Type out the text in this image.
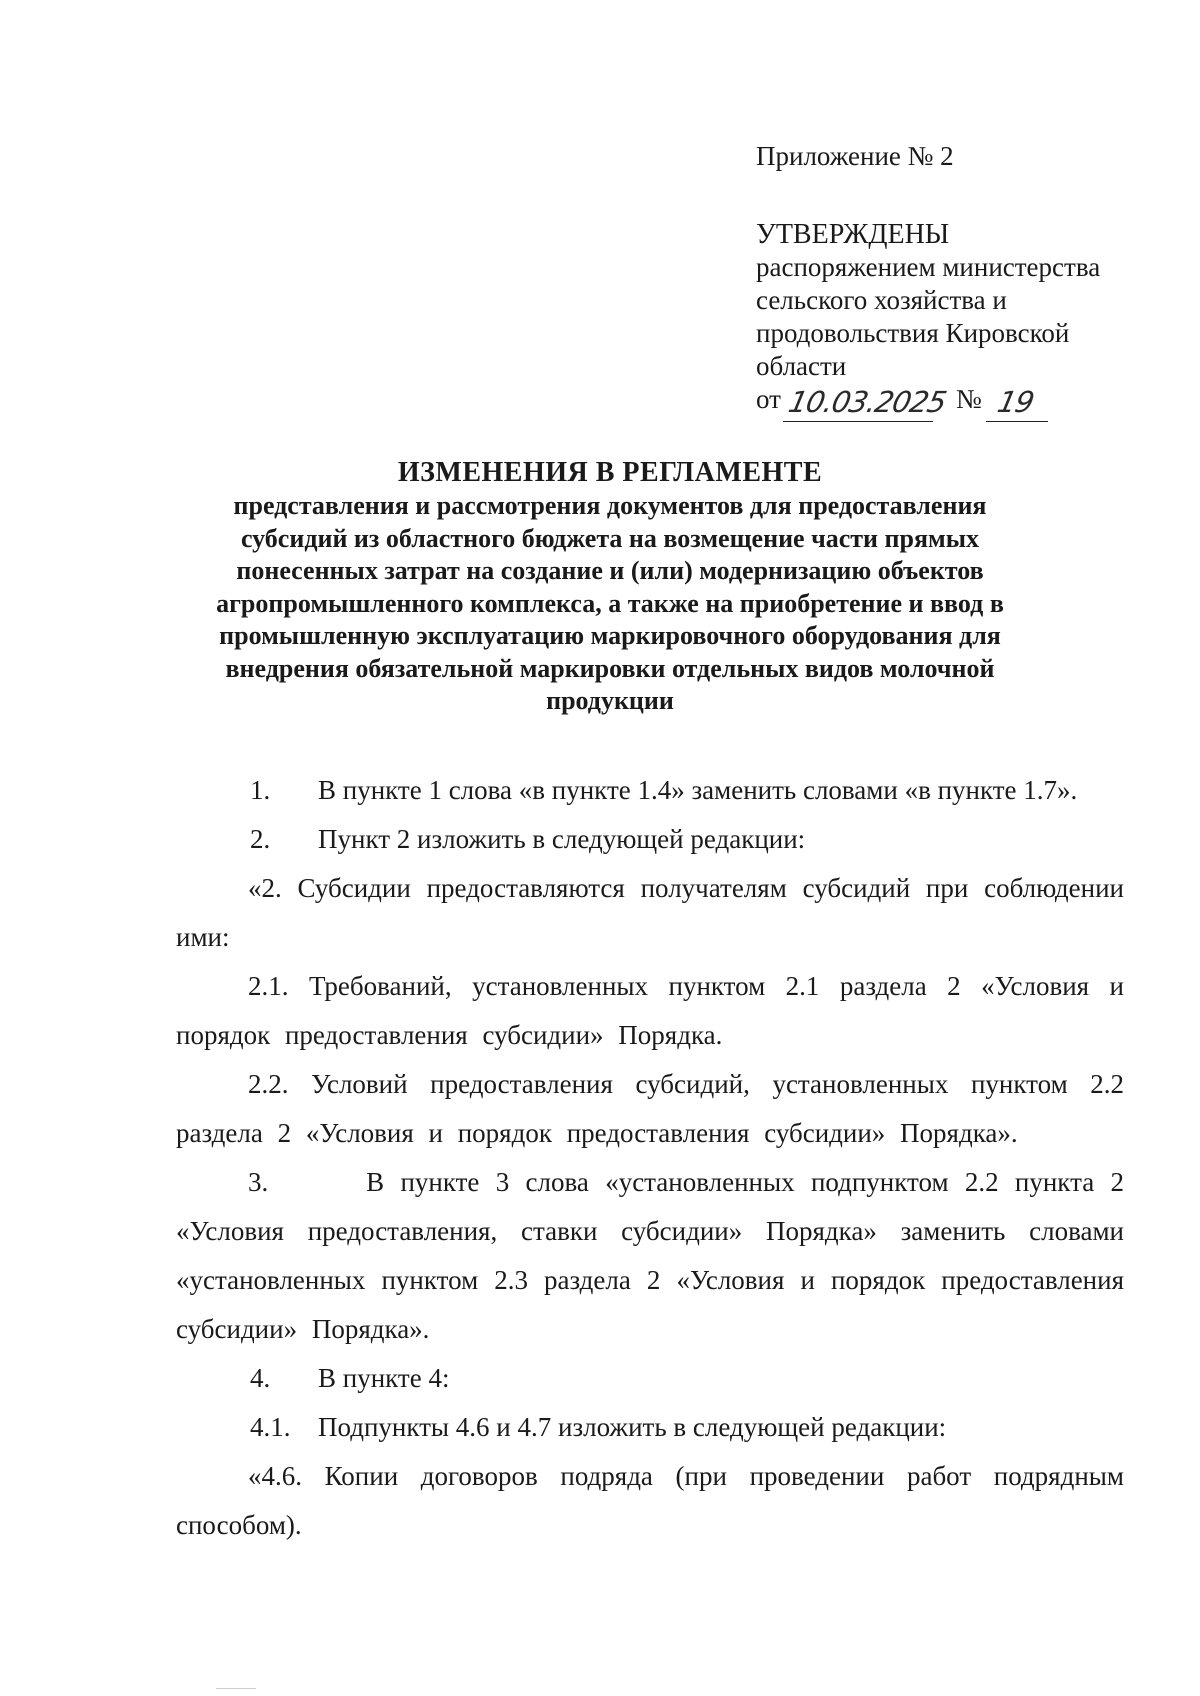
Приложение № 2

УТВЕРЖДЕНЫ

распоряжением министерства

сельского хозяйства и

продовольствия Кировской

области

от 10.03.2025 № 19

ИЗМЕНЕНИЯ В РЕГЛАМЕНТЕ

представления и рассмотрения документов для предоставления

субсидий из областного бюджета на возмещение части прямых

понесенных затрат на создание и (или) модернизацию объектов

агропромышленного комплекса, а также на приобретение и ввод в

промышленную эксплуатацию маркировочного оборудования для

внедрения обязательной маркировки отдельных видов молочной

продукции

1. В пункте 1 слова «в пункте 1.4» заменить словами «в пункте 1.7».

2. Пункт 2 изложить в следующей редакции:

«2. Субсидии предоставляются получателям субсидий при соблюдении ими:

2.1. Требований, установленных пунктом 2.1 раздела 2 «Условия и порядок предоставления субсидии» Порядка.

2.2. Условий предоставления субсидий, установленных пунктом 2.2 раздела 2 «Условия и порядок предоставления субсидии» Порядка».

3.      В пункте 3 слова «установленных подпунктом 2.2 пункта 2 «Условия предоставления, ставки субсидии» Порядка» заменить словами «установленных пунктом 2.3 раздела 2 «Условия и порядок предоставления субсидии» Порядка».

4. В пункте 4:

4.1. Подпункты 4.6 и 4.7 изложить в следующей редакции:

«4.6. Копии договоров подряда (при проведении работ подрядным способом).
